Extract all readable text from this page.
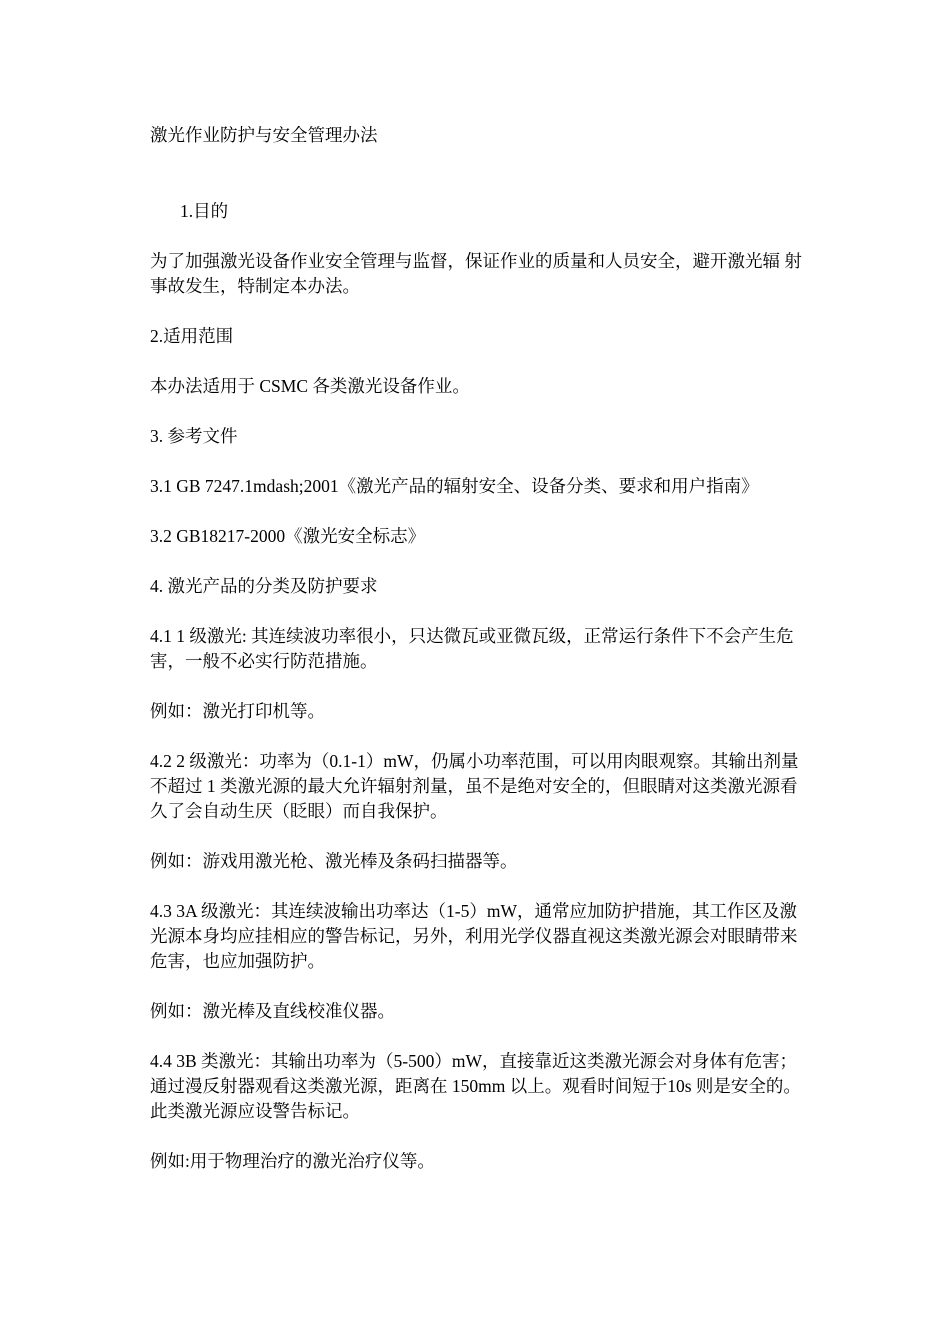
激光作业防护与安全管理办法
1.目的
为了加强激光设备作业安全管理与监督，保证作业的质量和人员安全，避开激光辐 射事故发生，特制定本办法。
2.适用范围
本办法适用于 CSMC 各类激光设备作业。
3. 参考文件
3.1 GB 7247.1mdash;2001《激光产品的辐射安全、设备分类、要求和用户指南》
3.2 GB18217-2000《激光安全标志》
4. 激光产品的分类及防护要求
4.1 1 级激光: 其连续波功率很小，只达微瓦或亚微瓦级，正常运行条件下不会产生危害，一般不必实行防范措施。
例如：激光打印机等。
4.2 2 级激光：功率为（0.1-1）mW，仍属小功率范围，可以用肉眼观察。其输出剂量不超过 1 类激光源的最大允许辐射剂量，虽不是绝对安全的，但眼睛对这类激光源看久了会自动生厌（眨眼）而自我保护。
例如：游戏用激光枪、激光棒及条码扫描器等。
4.3 3A 级激光：其连续波输出功率达（1-5）mW，通常应加防护措施，其工作区及激光源本身均应挂相应的警告标记，另外，利用光学仪器直视这类激光源会对眼睛带来危害，也应加强防护。
例如：激光棒及直线校准仪器。
4.4 3B 类激光：其输出功率为（5-500）mW，直接靠近这类激光源会对身体有危害；通过漫反射器观看这类激光源，距离在 150mm 以上。观看时间短于10s 则是安全的。此类激光源应设警告标记。
例如:用于物理治疗的激光治疗仪等。
